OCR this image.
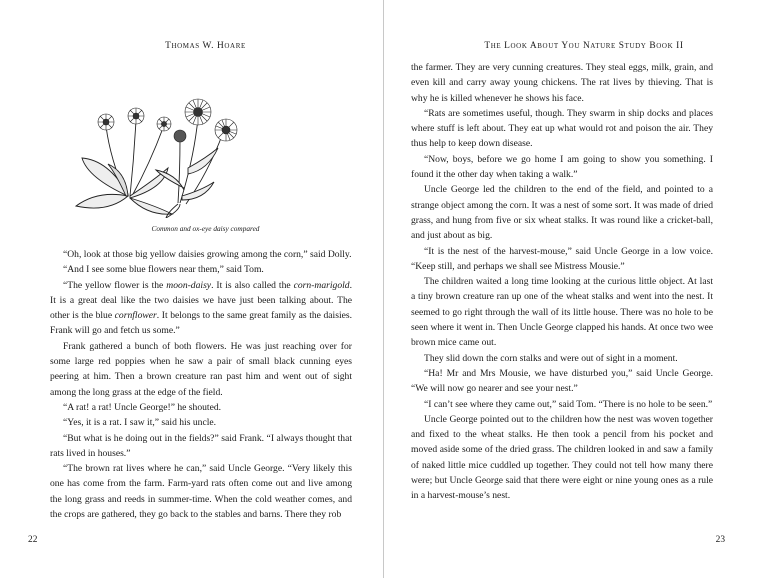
Thomas W. Hoare
Common and ox-eye daisy compared

“Oh, look at those big yellow daisies growing among the corn,” said Dolly.

“And I see some blue flowers near them,” said Tom.

“The yellow flower is the moon-daisy. It is also called the corn-marigold. It is a great deal like the two daisies we have just been talking about. The other is the blue cornflower. It belongs to the same great family as the daisies. Frank will go and fetch us some.”

Frank gathered a bunch of both flowers. He was just reaching over for some large red poppies when he saw a pair of small black cunning eyes peering at him. Then a brown creature ran past him and went out of sight among the long grass at the edge of the field.

“A rat! a rat! Uncle George!” he shouted.

“Yes, it is a rat. I saw it,” said his uncle.

“But what is he doing out in the fields?” said Frank. “I always thought that rats lived in houses.”

“The brown rat lives where he can,” said Uncle George. “Very likely this one has come from the farm. Farm-yard rats often come out and live among the long grass and reeds in summer-time. When the cold weather comes, and the crops are gathered, they go back to the stables and barns. There they rob

22
The Look About You Nature Study Book II

the farmer. They are very cunning creatures. They steal eggs, milk, grain, and even kill and carry away young chickens. The rat lives by thieving. That is why he is killed whenever he shows his face.

“Rats are sometimes useful, though. They swarm in ship docks and places where stuff is left about. They eat up what would rot and poison the air. They thus help to keep down disease.

“Now, boys, before we go home I am going to show you something. I found it the other day when taking a walk.”

Uncle George led the children to the end of the field, and pointed to a strange object among the corn. It was a nest of some sort. It was made of dried grass, and hung from five or six wheat stalks. It was round like a cricket-ball, and just about as big.

“It is the nest of the harvest-mouse,” said Uncle George in a low voice. “Keep still, and perhaps we shall see Mistress Mousie.”

The children waited a long time looking at the curious little object. At last a tiny brown creature ran up one of the wheat stalks and went into the nest. It seemed to go right through the wall of its little house. There was no hole to be seen where it went in. Then Uncle George clapped his hands. At once two wee brown mice came out.

They slid down the corn stalks and were out of sight in a moment.

“Ha! Mr and Mrs Mousie, we have disturbed you,” said Uncle George. “We will now go nearer and see your nest.”

“I can’t see where they came out,” said Tom. “There is no hole to be seen.”

Uncle George pointed out to the children how the nest was woven together and fixed to the wheat stalks. He then took a pencil from his pocket and moved aside some of the dried grass. The children looked in and saw a family of naked little mice cuddled up together. They could not tell how many there were; but Uncle George said that there were eight or nine young ones as a rule in a harvest-mouse’s nest.

23
